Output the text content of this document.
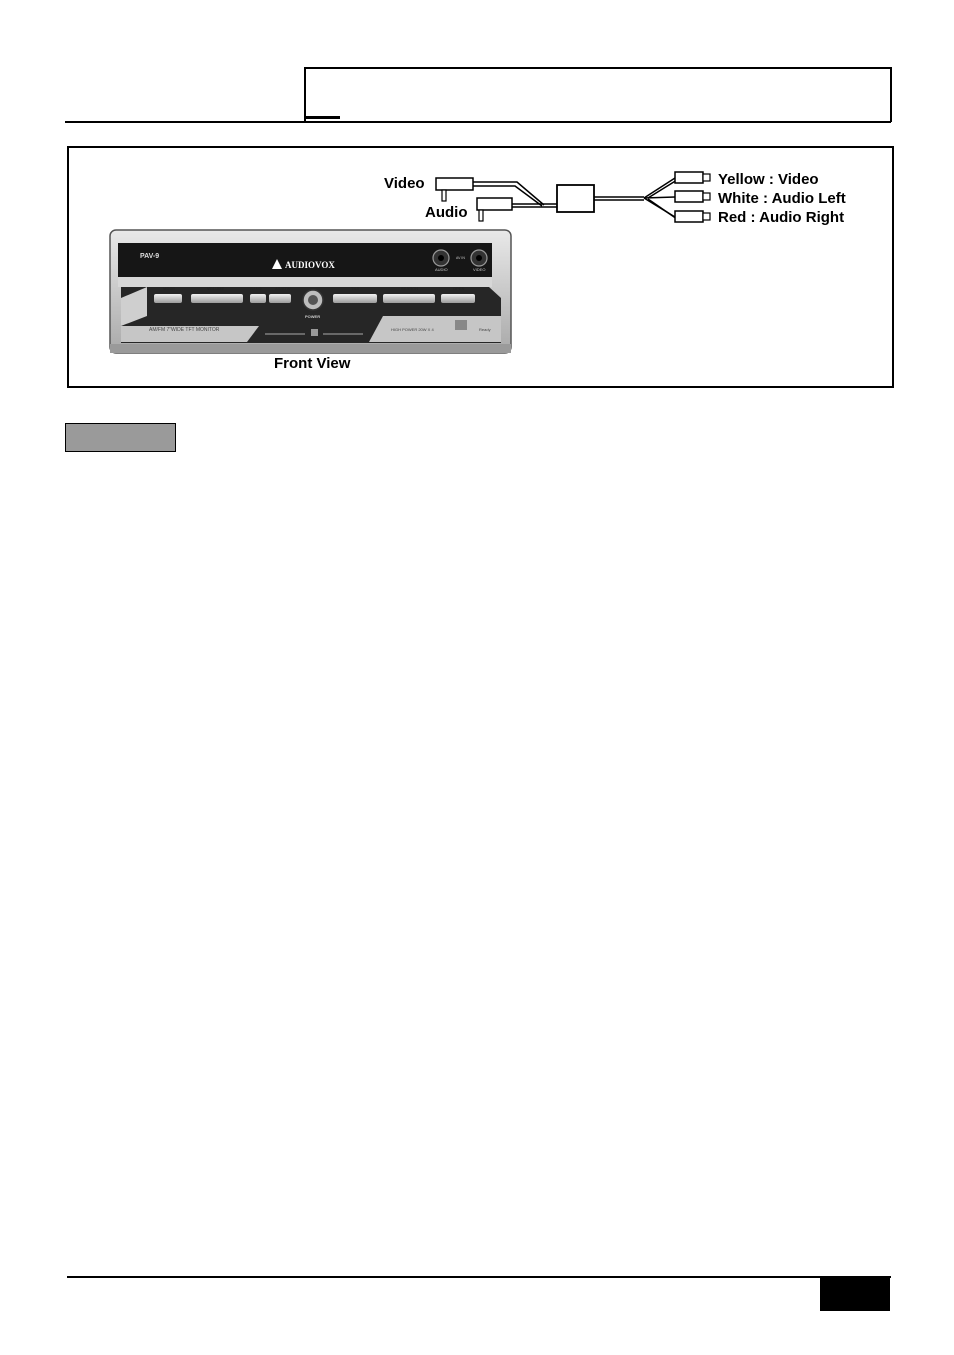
Video
Audio
Yellow : Video
White : Audio Left
Red : Audio Right
PAV-9
AUDIOVOX
AV IN
AUDIO	VIDEO
MODE	VOLUME	BAND	AS/ATW	TILT	SEARCH	OPEN
POWER
AM/FM 7"WIDE TFT MONITOR	HIGH POWER 20W X 4	Ready
Front View
